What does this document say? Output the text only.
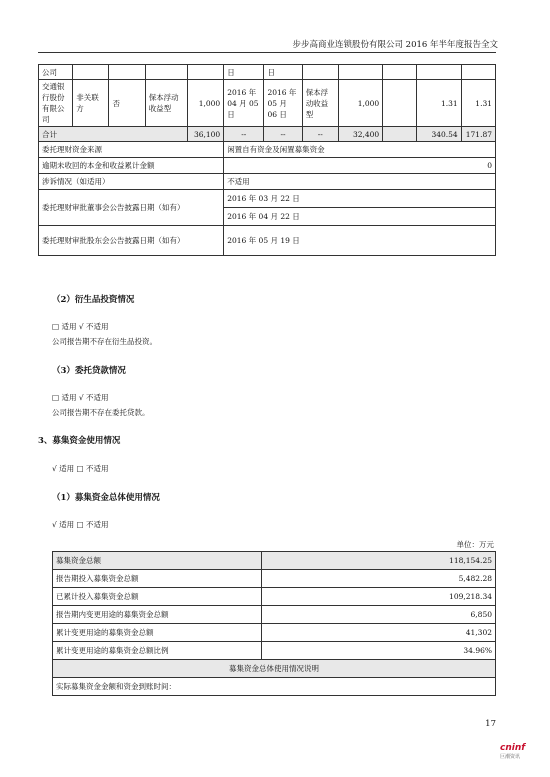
步步高商业连锁股份有限公司 2016 年半年度报告全文
公司					日	日					
交通银行股份有限公司	非关联方	否	保本浮动收益型	1,000	2016 年 04 月 05 日	2016 年 05 月 06 日	保本浮动收益型	1,000		1.31	1.31
合计				36,100	--	--	--	32,400		340.54	171.87
委托理财资金来源					闲置自有资金及闲置募集资金						
逾期未收回的本金和收益累计金额					0						
涉诉情况（如适用）					不适用						
委托理财审批董事会公告披露日期（如有）					2016 年 03 月 22 日						
					2016 年 04 月 22 日						
委托理财审批股东会公告披露日期（如有）					2016 年 05 月 19 日						
（2）衍生品投资情况
□ 适用 √ 不适用
公司报告期不存在衍生品投资。
（3）委托贷款情况
□ 适用 √ 不适用
公司报告期不存在委托贷款。
3、募集资金使用情况
√ 适用 □ 不适用
（1）募集资金总体使用情况
√ 适用 □ 不适用
单位：万元
募集资金总额	118,154.25
报告期投入募集资金总额	5,482.28
已累计投入募集资金总额	109,218.34
报告期内变更用途的募集资金总额	6,850
累计变更用途的募集资金总额	41,302
累计变更用途的募集资金总额比例	34.96%
募集资金总体使用情况说明	
实际募集资金金额和资金到账时间：	
17
cninf
巨潮资讯
